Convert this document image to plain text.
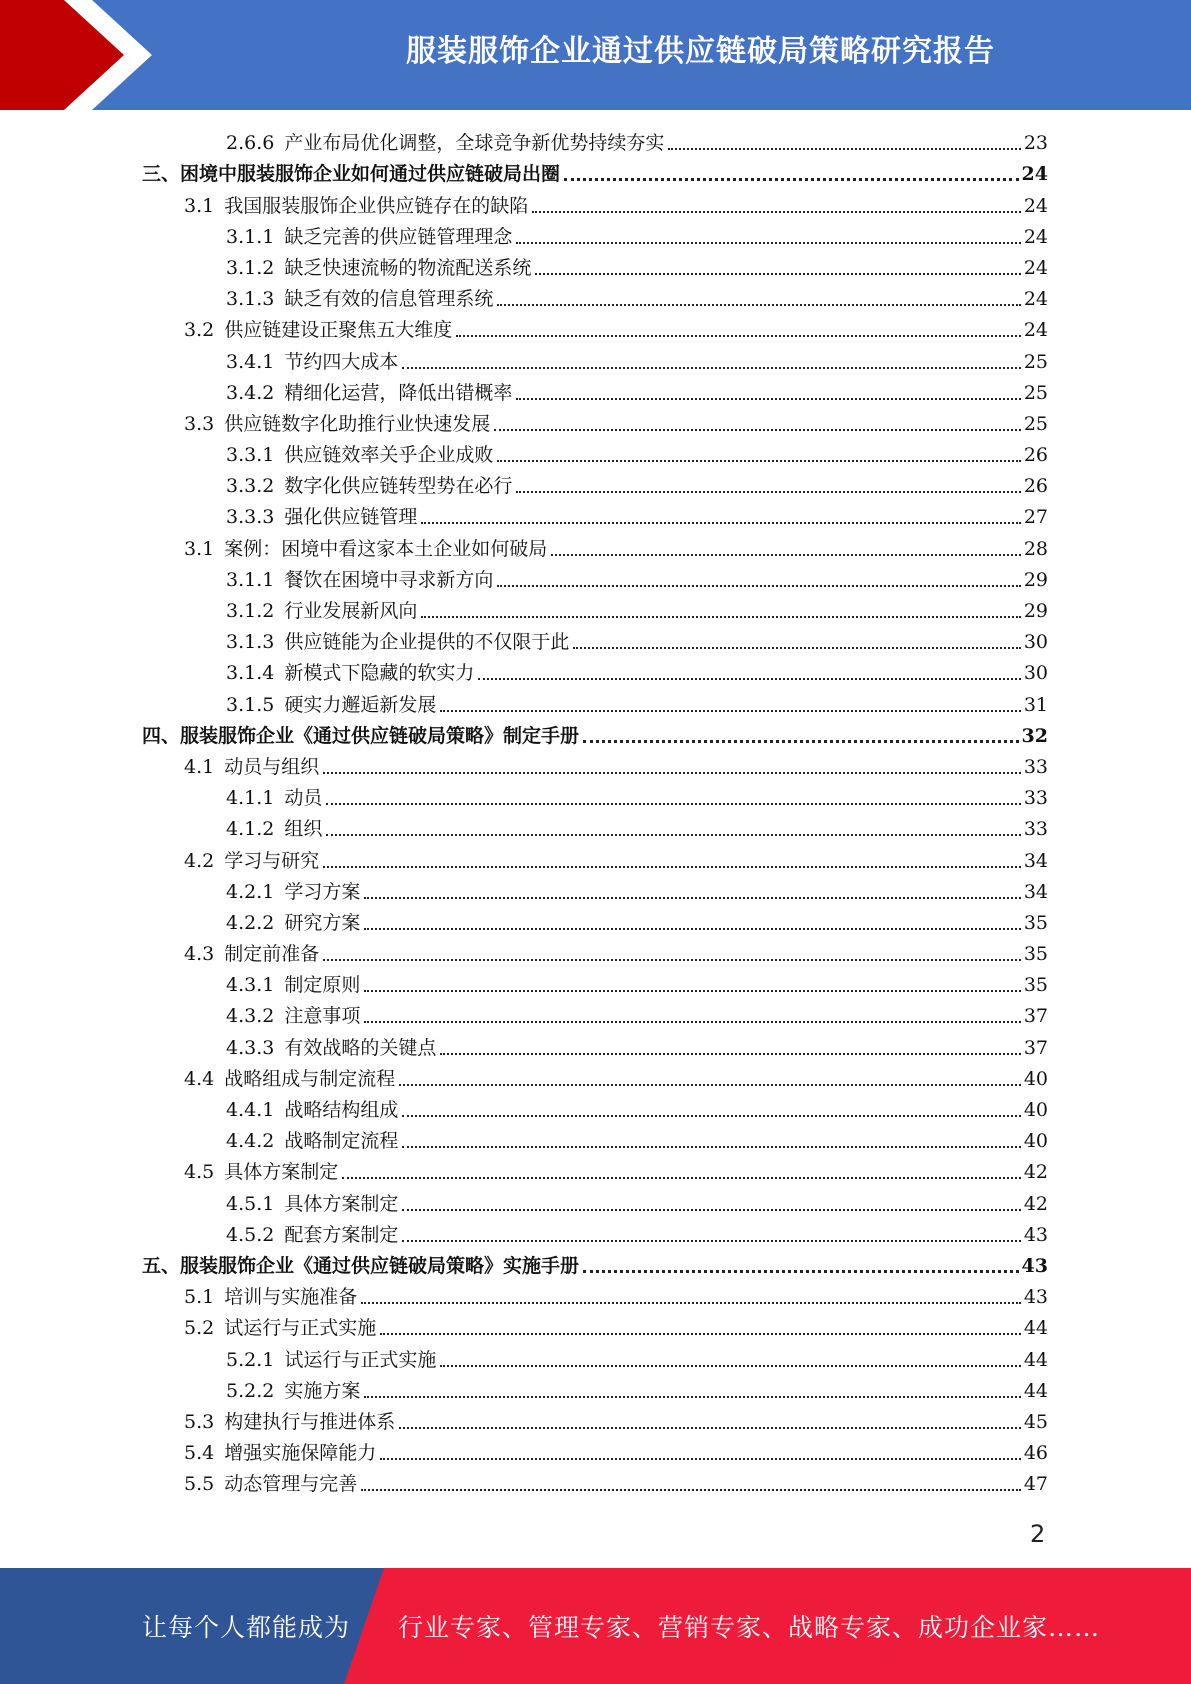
服装服饰企业通过供应链破局策略研究报告
2.6.6 产业布局优化调整，全球竞争新优势持续夯实	23
三、困境中服装服饰企业如何通过供应链破局出圈	24
3.1 我国服装服饰企业供应链存在的缺陷	24
3.1.1 缺乏完善的供应链管理理念	24
3.1.2 缺乏快速流畅的物流配送系统	24
3.1.3 缺乏有效的信息管理系统	24
3.2 供应链建设正聚焦五大维度	24
3.4.1 节约四大成本	25
3.4.2 精细化运营，降低出错概率	25
3.3 供应链数字化助推行业快速发展	25
3.3.1 供应链效率关乎企业成败	26
3.3.2 数字化供应链转型势在必行	26
3.3.3 强化供应链管理	27
3.1 案例：困境中看这家本土企业如何破局	28
3.1.1 餐饮在困境中寻求新方向	29
3.1.2 行业发展新风向	29
3.1.3 供应链能为企业提供的不仅限于此	30
3.1.4 新模式下隐藏的软实力	30
3.1.5 硬实力邂逅新发展	31
四、服装服饰企业《通过供应链破局策略》制定手册	32
4.1 动员与组织	33
4.1.1 动员	33
4.1.2 组织	33
4.2 学习与研究	34
4.2.1 学习方案	34
4.2.2 研究方案	35
4.3 制定前准备	35
4.3.1 制定原则	35
4.3.2 注意事项	37
4.3.3 有效战略的关键点	37
4.4 战略组成与制定流程	40
4.4.1 战略结构组成	40
4.4.2 战略制定流程	40
4.5 具体方案制定	42
4.5.1 具体方案制定	42
4.5.2 配套方案制定	43
五、服装服饰企业《通过供应链破局策略》实施手册	43
5.1 培训与实施准备	43
5.2 试运行与正式实施	44
5.2.1 试运行与正式实施	44
5.2.2 实施方案	44
5.3 构建执行与推进体系	45
5.4 增强实施保障能力	46
5.5 动态管理与完善	47
2
让每个人都能成为 行业专家、管理专家、营销专家、战略专家、成功企业家……
